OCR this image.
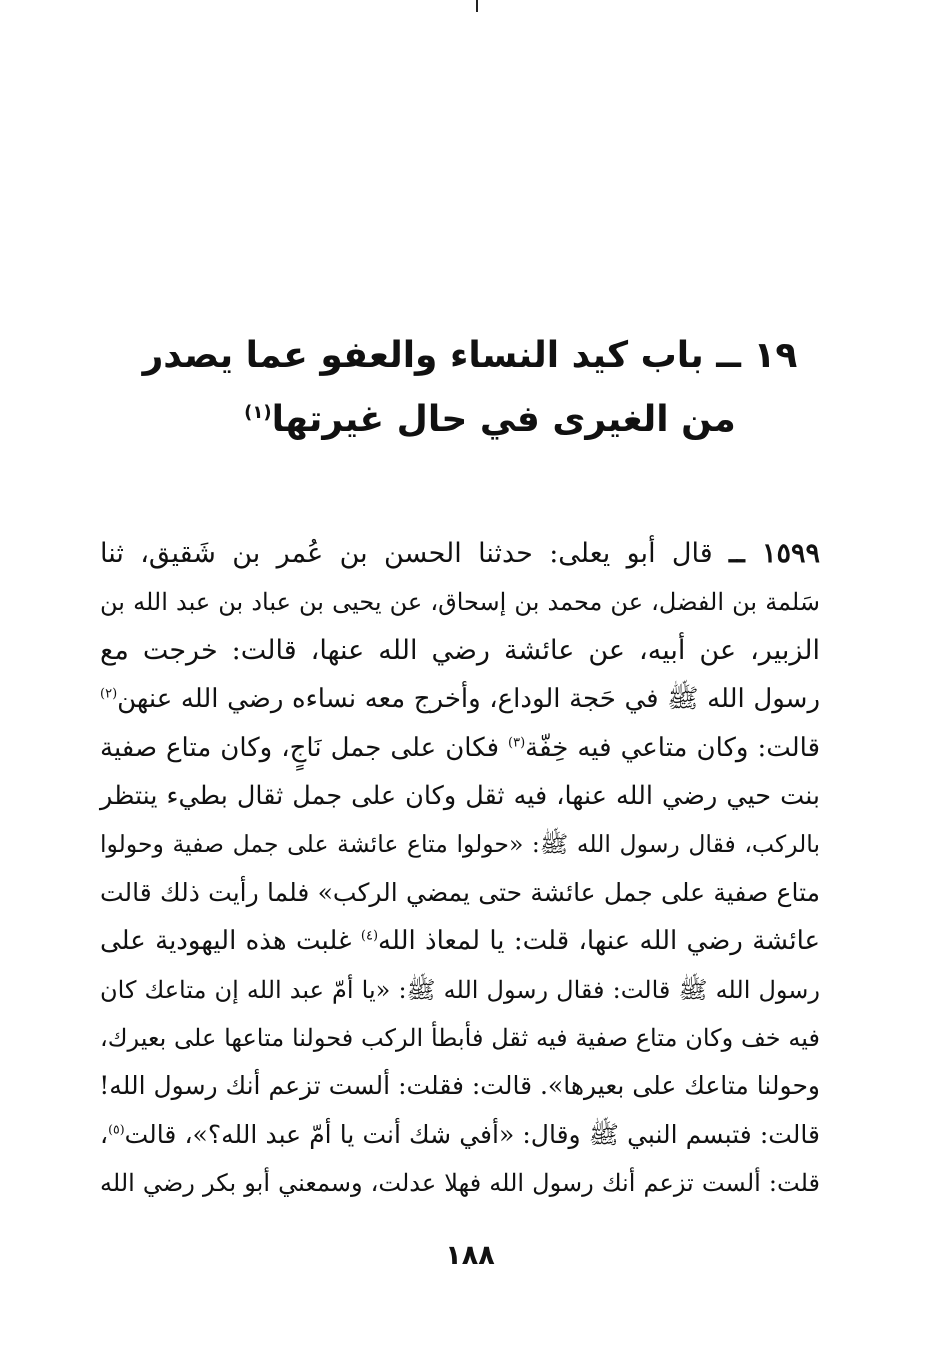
١٩ ــ باب كيد النساء والعفو عما يصدر
من الغيرى في حال غيرتها$^{(١)}$
١٥٩٩ ــ قال أبو يعلى: حدثنا الحسن بن عُمر بن شَقيق، ثنا
سَلمة بن الفضل، عن محمد بن إسحاق، عن يحيى بن عباد بن عبد الله بن
الزبير، عن أبيه، عن عائشة رضي الله عنها، قالت: خرجت مع
رسول الله ﷺ في حَجة الوداع، وأخرج معه نساءه رضي الله عنهن$^{(٢)}$
قالت: وكان متاعي فيه خِفّة$^{(٣)}$ فكان على جمل نَاجٍ، وكان متاع صفية
بنت حيي رضي الله عنها، فيه ثقل وكان على جمل ثقال بطيء ينتظر
بالركب، فقال رسول الله ﷺ: «حولوا متاع عائشة على جمل صفية وحولوا
متاع صفية على جمل عائشة حتى يمضي الركب» فلما رأيت ذلك قالت
عائشة رضي الله عنها، قلت: يا لمعاذ الله$^{(٤)}$ غلبت هذه اليهودية على
رسول الله ﷺ قالت: فقال رسول الله ﷺ: «يا أمّ عبد الله إن متاعك كان
فيه خف وكان متاع صفية فيه ثقل فأبطأ الركب فحولنا متاعها على بعيرك،
وحولنا متاعك على بعيرها». قالت: فقلت: ألست تزعم أنك رسول الله!
قالت: فتبسم النبي ﷺ وقال: «أفي شك أنت يا أمّ عبد الله؟»، قالت$^{(٥)}$،
قلت: ألست تزعم أنك رسول الله فهلا عدلت، وسمعني أبو بكر رضي الله
١٨٨
